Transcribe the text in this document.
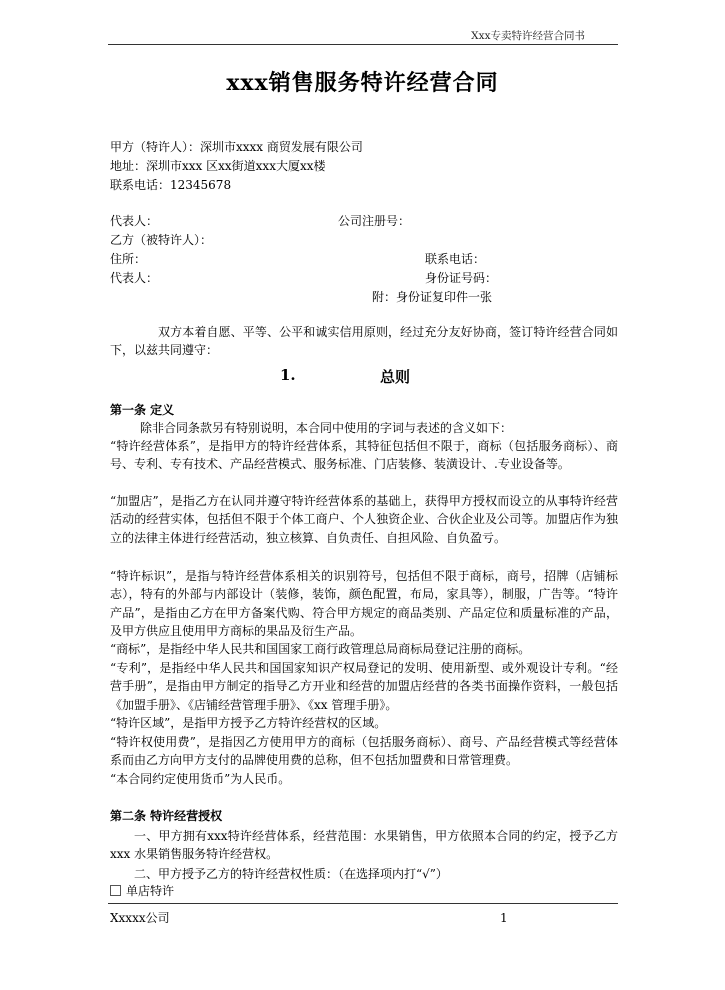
Xxx专卖特许经营合同书
xxx销售服务特许经营合同
甲方（特许人）：深圳市xxxx 商贸发展有限公司
地址：深圳市xxx 区xx街道xxx大厦xx楼
联系电话：12345678
代表人：	公司注册号：
乙方（被特许人）：
住所：	联系电话：
代表人：	身份证号码：
附：身份证复印件一张
双方本着自愿、平等、公平和诚实信用原则，经过充分友好协商，签订特许经营合同如下，以兹共同遵守：
1.	总则
第一条 定义
除非合同条款另有特别说明，本合同中使用的字词与表述的含义如下：
“特许经营体系”，是指甲方的特许经营体系，其特征包括但不限于，商标（包括服务商标）、商号、专利、专有技术、产品经营模式、服务标准、门店装修、装潢设计、.专业设备等。
“加盟店”，是指乙方在认同并遵守特许经营体系的基础上，获得甲方授权而设立的从事特许经营活动的经营实体，包括但不限于个体工商户、个人独资企业、合伙企业及公司等。加盟店作为独立的法律主体进行经营活动，独立核算、自负责任、自担风险、自负盈亏。
“特许标识”，是指与特许经营体系相关的识别符号，包括但不限于商标，商号，招牌（店铺标志），特有的外部与内部设计（装修，装饰，颜色配置，布局，家具等），制服，广告等。“特许产品”，是指由乙方在甲方备案代购、符合甲方规定的商品类别、产品定位和质量标准的产品，及甲方供应且使用甲方商标的果品及衍生产品。
“商标”，是指经中华人民共和国国家工商行政管理总局商标局登记注册的商标。
“专利”，是指经中华人民共和国国家知识产权局登记的发明、使用新型、或外观设计专利。“经营手册”，是指由甲方制定的指导乙方开业和经营的加盟店经营的各类书面操作资料，一般包括《加盟手册》、《店铺经营管理手册》、《xx 管理手册》。
“特许区域”，是指甲方授予乙方特许经营权的区域。
“特许权使用费”，是指因乙方使用甲方的商标（包括服务商标）、商号、产品经营模式等经营体系而由乙方向甲方支付的品牌使用费的总称，但不包括加盟费和日常管理费。
“本合同约定使用货币”为人民币。
第二条 特许经营授权
一、甲方拥有xxx特许经营体系，经营范围：水果销售，甲方依照本合同的约定，授予乙方xxx 水果销售服务特许经营权。
二、甲方授予乙方的特许经营权性质：（在选择项内打“√”）
单店特许
Xxxxx公司	1
